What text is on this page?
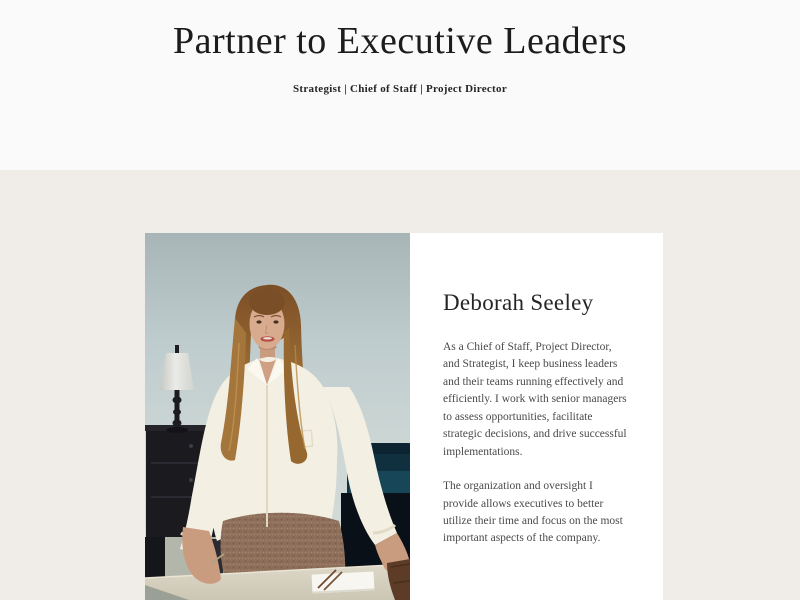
Partner to Executive Leaders
Strategist | Chief of Staff | Project Director
Deborah Seeley

As a Chief of Staff, Project Director, and Strategist, I keep business leaders and their teams running effectively and efficiently. I work with senior managers to assess opportunities, facilitate strategic decisions, and drive successful implementations.

The organization and oversight I provide allows executives to better utilize their time and focus on the most important aspects of the company.
